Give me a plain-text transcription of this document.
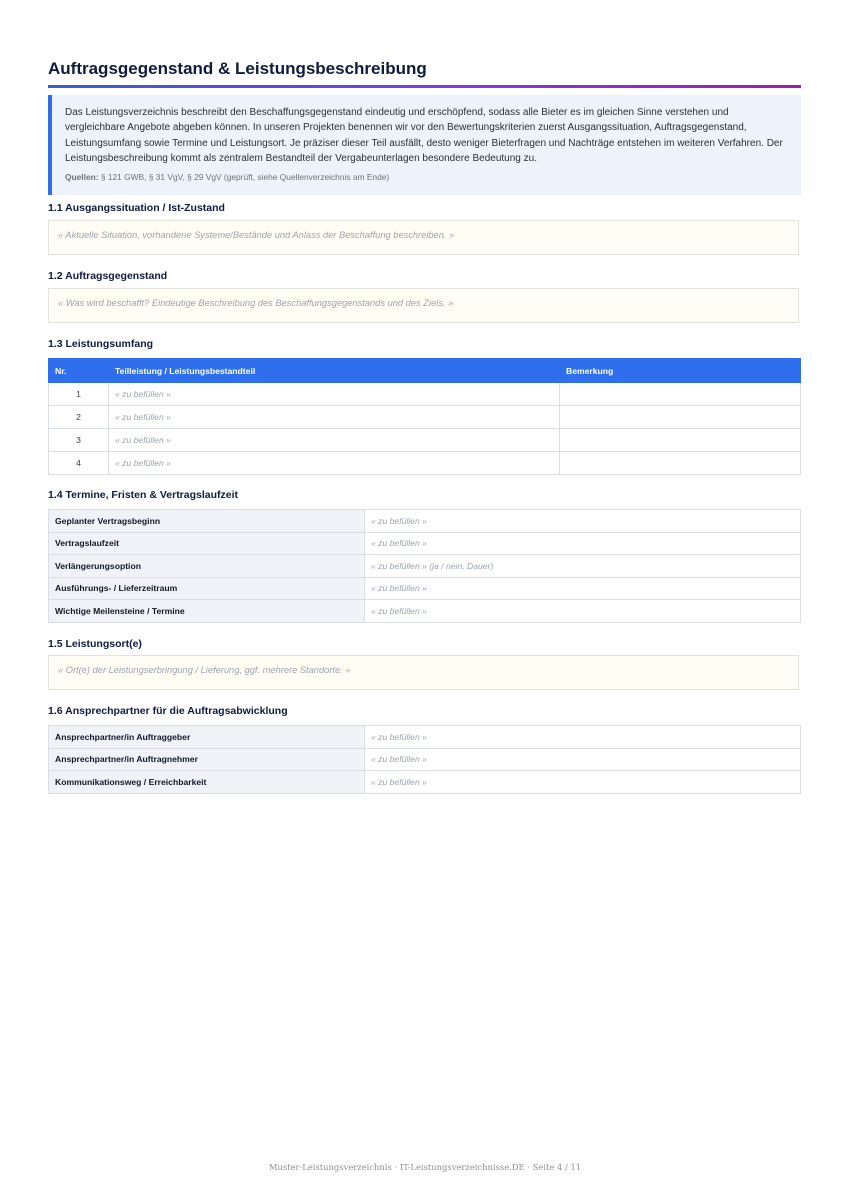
Auftragsgegenstand & Leistungsbeschreibung

Das Leistungsverzeichnis beschreibt den Beschaffungsgegenstand eindeutig und erschöpfend, sodass alle Bieter es im gleichen Sinne verstehen und vergleichbare Angebote abgeben können. In unseren Projekten benennen wir vor den Bewertungskriterien zuerst Ausgangssituation, Auftragsgegenstand, Leistungsumfang sowie Termine und Leistungsort. Je präziser dieser Teil ausfällt, desto weniger Bieterfragen und Nachträge entstehen im weiteren Verfahren. Der Leistungsbeschreibung kommt als zentralem Bestandteil der Vergabeunterlagen besondere Bedeutung zu.

Quellen: § 121 GWB, § 31 VgV, § 29 VgV (geprüft, siehe Quellenverzeichnis am Ende)
1.1 Ausgangssituation / Ist-Zustand
« Aktuelle Situation, vorhandene Systeme/Bestände und Anlass der Beschaffung beschreiben. »
1.2 Auftragsgegenstand
« Was wird beschafft? Eindeutige Beschreibung des Beschaffungsgegenstands und des Ziels. »
1.3 Leistungsumfang
Nr.	Teilleistung / Leistungsbestandteil	Bemerkung
1	« zu befüllen »	
2	« zu befüllen »	
3	« zu befüllen »	
4	« zu befüllen »	
1.4 Termine, Fristen & Vertragslaufzeit
Geplanter Vertragsbeginn	« zu befüllen »
Vertragslaufzeit	« zu befüllen »
Verlängerungsoption	« zu befüllen » (ja / nein, Dauer)
Ausführungs- / Lieferzeitraum	« zu befüllen »
Wichtige Meilensteine / Termine	« zu befüllen »
1.5 Leistungsort(e)
« Ort(e) der Leistungserbringung / Lieferung, ggf. mehrere Standorte. »
1.6 Ansprechpartner für die Auftragsabwicklung
Ansprechpartner/in Auftraggeber	« zu befüllen »
Ansprechpartner/in Auftragnehmer	« zu befüllen »
Kommunikationsweg / Erreichbarkeit	« zu befüllen »
Muster-Leistungsverzeichnis · IT-Leistungsverzeichnisse.DE · Seite 4 / 11
